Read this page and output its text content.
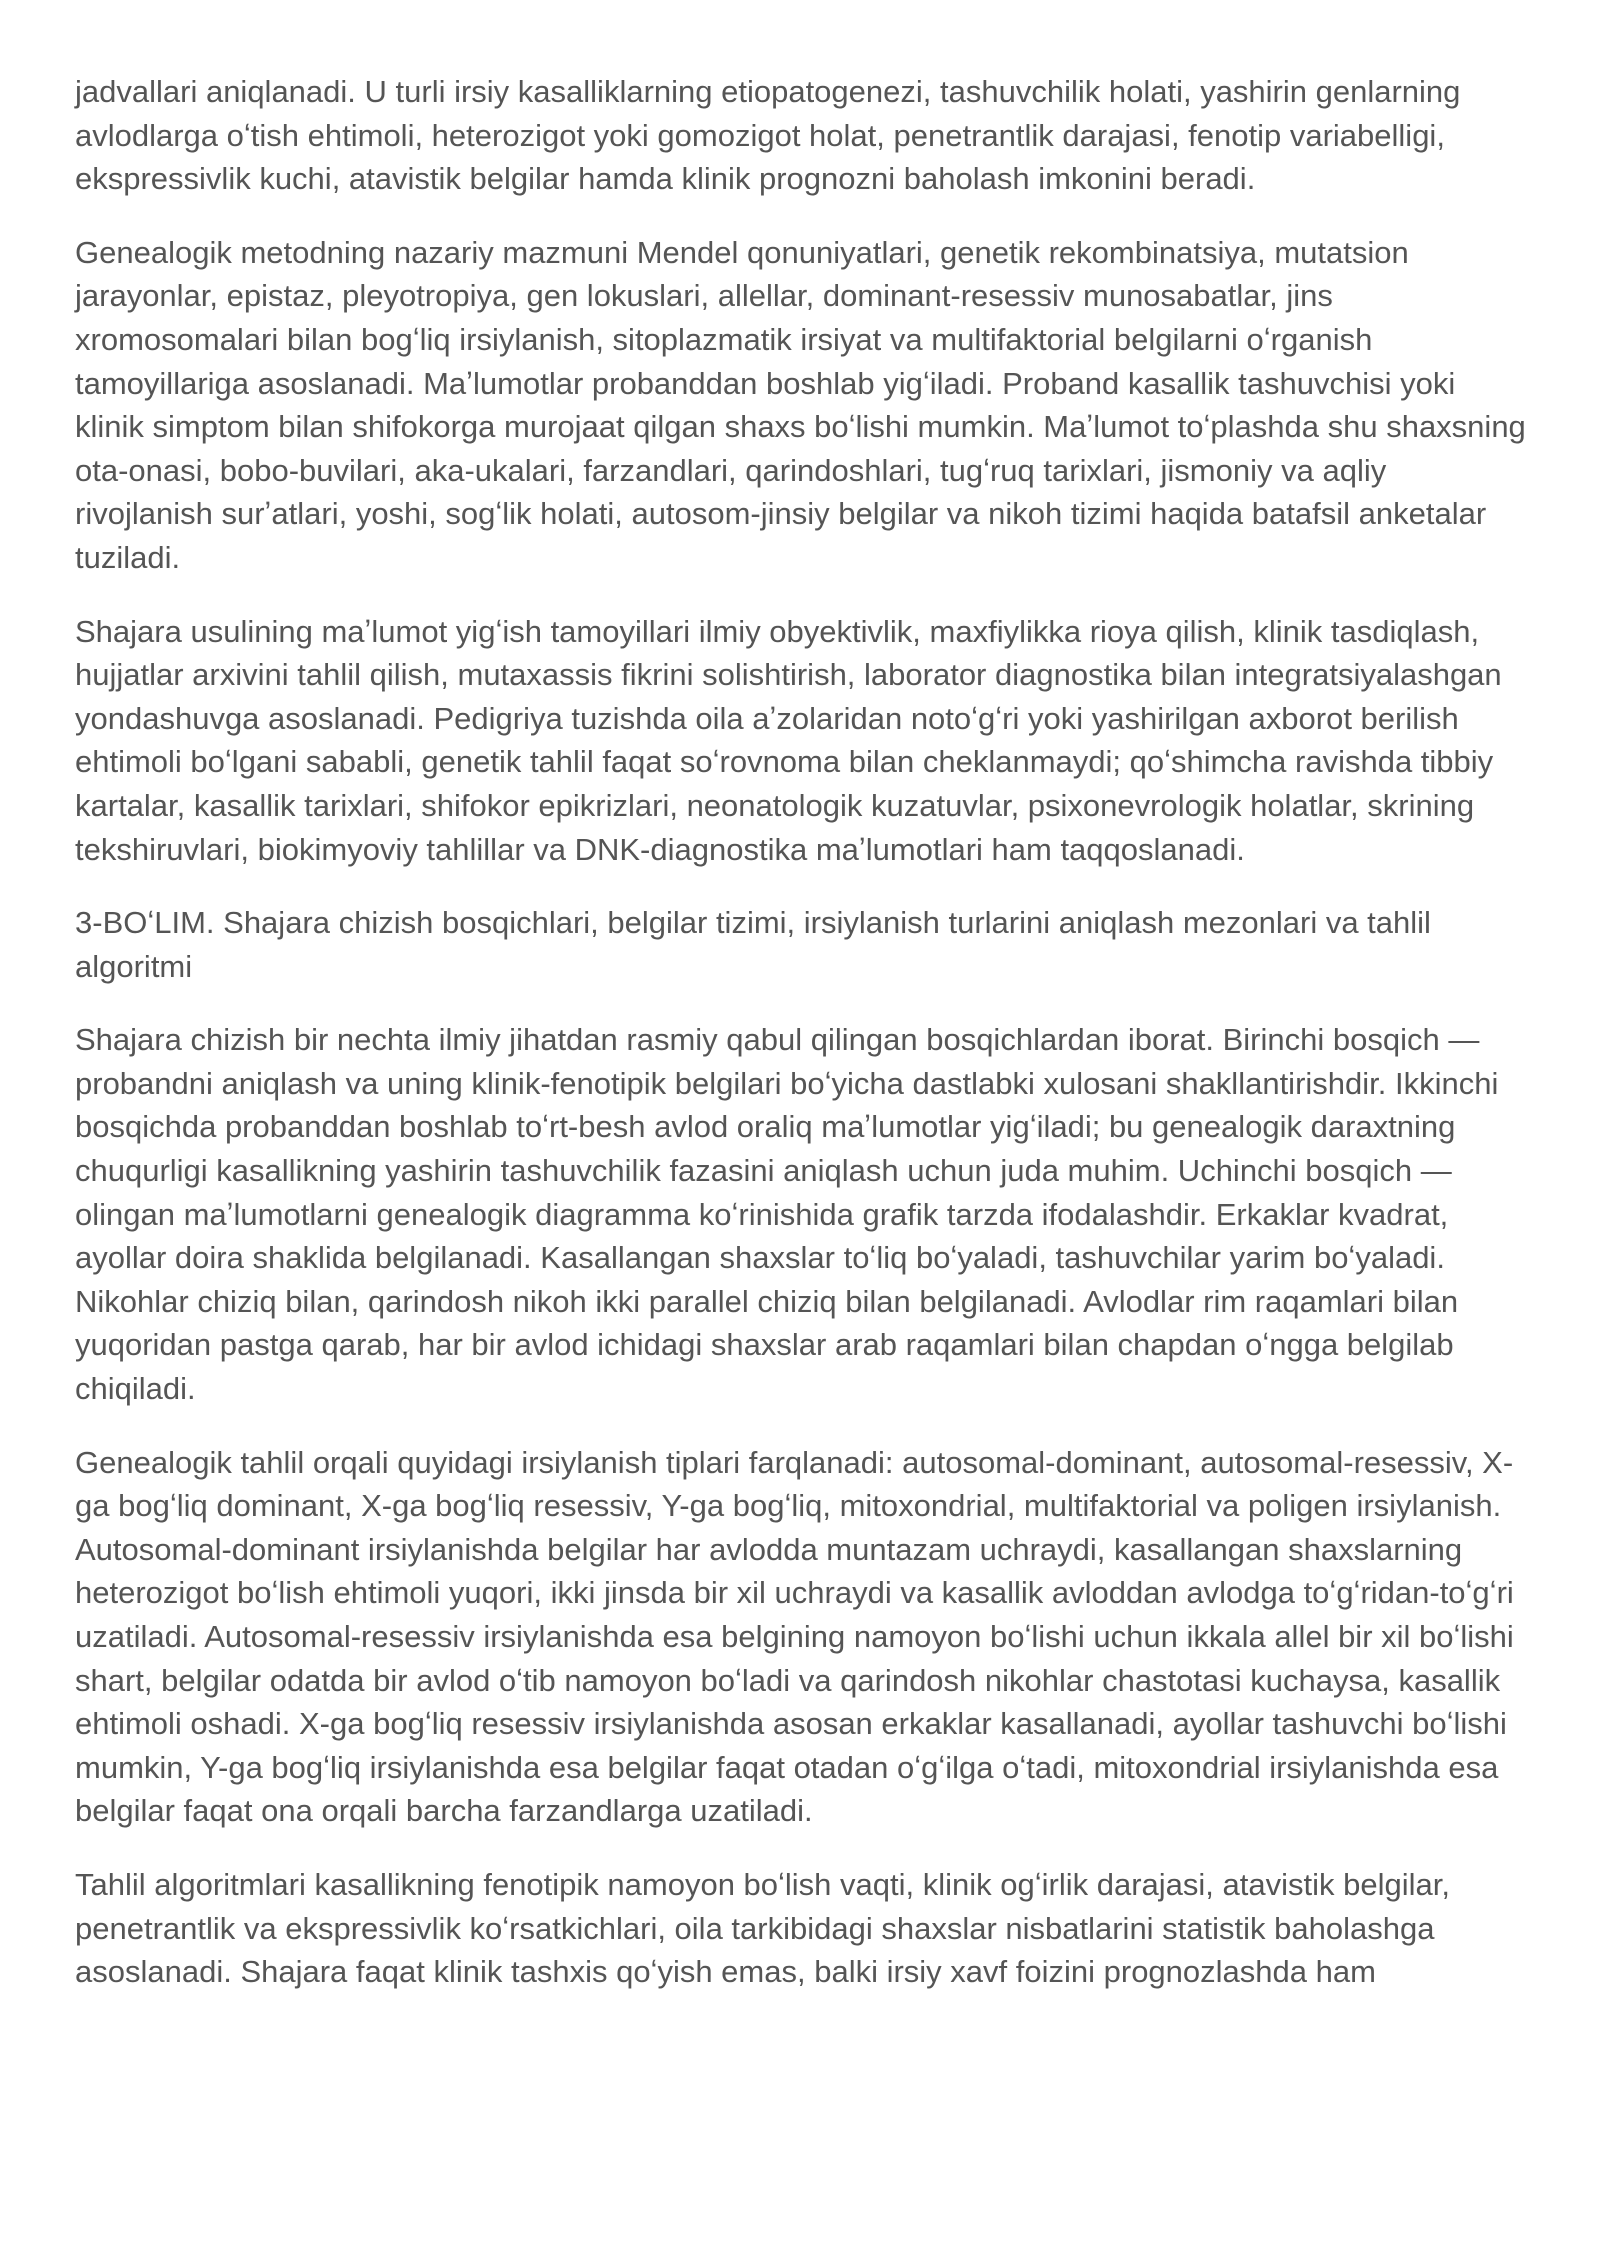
jadvallari aniqlanadi. U turli irsiy kasalliklarning etiopatogenezi, tashuvchilik holati, yashirin genlarning avlodlarga oʻtish ehtimoli, heterozigot yoki gomozigot holat, penetrantlik darajasi, fenotip variabelligi, ekspressivlik kuchi, atavistik belgilar hamda klinik prognozni baholash imkonini beradi.

Genealogik metodning nazariy mazmuni Mendel qonuniyatlari, genetik rekombinatsiya, mutatsion jarayonlar, epistaz, pleyotropiya, gen lokuslari, allellar, dominant-resessiv munosabatlar, jins xromosomalari bilan bogʻliq irsiylanish, sitoplazmatik irsiyat va multifaktorial belgilarni oʻrganish tamoyillariga asoslanadi. Maʼlumotlar probanddan boshlab yigʻiladi. Proband kasallik tashuvchisi yoki klinik simptom bilan shifokorga murojaat qilgan shaxs boʻlishi mumkin. Maʼlumot toʻplashda shu shaxsning ota-onasi, bobo-buvilari, aka-ukalari, farzandlari, qarindoshlari, tugʻruq tarixlari, jismoniy va aqliy rivojlanish surʼatlari, yoshi, sogʻlik holati, autosom-jinsiy belgilar va nikoh tizimi haqida batafsil anketalar tuziladi.

Shajara usulining maʼlumot yigʻish tamoyillari ilmiy obyektivlik, maxfiylikka rioya qilish, klinik tasdiqlash, hujjatlar arxivini tahlil qilish, mutaxassis fikrini solishtirish, laborator diagnostika bilan integratsiyalashgan yondashuvga asoslanadi. Pedigriya tuzishda oila aʼzolaridan notoʻgʻri yoki yashirilgan axborot berilish ehtimoli boʻlgani sababli, genetik tahlil faqat soʻrovnoma bilan cheklanmaydi; qoʻshimcha ravishda tibbiy kartalar, kasallik tarixlari, shifokor epikrizlari, neonatologik kuzatuvlar, psixonevrologik holatlar, skrining tekshiruvlari, biokimyoviy tahlillar va DNK-diagnostika maʼlumotlari ham taqqoslanadi.

3-BOʻLIM. Shajara chizish bosqichlari, belgilar tizimi, irsiylanish turlarini aniqlash mezonlari va tahlil algoritmi

Shajara chizish bir nechta ilmiy jihatdan rasmiy qabul qilingan bosqichlardan iborat. Birinchi bosqich — probandni aniqlash va uning klinik-fenotipik belgilari boʻyicha dastlabki xulosani shakllantirishdir. Ikkinchi bosqichda probanddan boshlab toʻrt-besh avlod oraliq maʼlumotlar yigʻiladi; bu genealogik daraxtning chuqurligi kasallikning yashirin tashuvchilik fazasini aniqlash uchun juda muhim. Uchinchi bosqich — olingan maʼlumotlarni genealogik diagramma koʻrinishida grafik tarzda ifodalashdir. Erkaklar kvadrat, ayollar doira shaklida belgilanadi. Kasallangan shaxslar toʻliq boʻyaladi, tashuvchilar yarim boʻyaladi. Nikohlar chiziq bilan, qarindosh nikoh ikki parallel chiziq bilan belgilanadi. Avlodlar rim raqamlari bilan yuqoridan pastga qarab, har bir avlod ichidagi shaxslar arab raqamlari bilan chapdan oʻngga belgilab chiqiladi.

Genealogik tahlil orqali quyidagi irsiylanish tiplari farqlanadi: autosomal-dominant, autosomal-resessiv, X-ga bogʻliq dominant, X-ga bogʻliq resessiv, Y-ga bogʻliq, mitoxondrial, multifaktorial va poligen irsiylanish. Autosomal-dominant irsiylanishda belgilar har avlodda muntazam uchraydi, kasallangan shaxslarning heterozigot boʻlish ehtimoli yuqori, ikki jinsda bir xil uchraydi va kasallik avloddan avlodga toʻgʻridan-toʻgʻri uzatiladi. Autosomal-resessiv irsiylanishda esa belgining namoyon boʻlishi uchun ikkala allel bir xil boʻlishi shart, belgilar odatda bir avlod oʻtib namoyon boʻladi va qarindosh nikohlar chastotasi kuchaysa, kasallik ehtimoli oshadi. X-ga bogʻliq resessiv irsiylanishda asosan erkaklar kasallanadi, ayollar tashuvchi boʻlishi mumkin, Y-ga bogʻliq irsiylanishda esa belgilar faqat otadan oʻgʻilga oʻtadi, mitoxondrial irsiylanishda esa belgilar faqat ona orqali barcha farzandlarga uzatiladi.

Tahlil algoritmlari kasallikning fenotipik namoyon boʻlish vaqti, klinik ogʻirlik darajasi, atavistik belgilar, penetrantlik va ekspressivlik koʻrsatkichlari, oila tarkibidagi shaxslar nisbatlarini statistik baholashga asoslanadi. Shajara faqat klinik tashxis qoʻyish emas, balki irsiy xavf foizini prognozlashda ham
